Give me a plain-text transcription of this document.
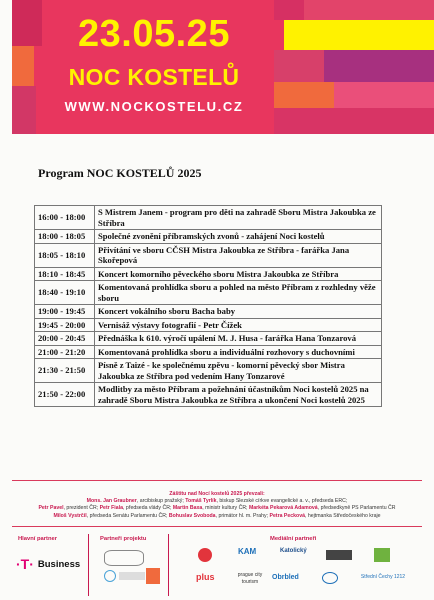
23.05.25
NOC KOSTELŮ
WWW.NOCKOSTELU.CZ
Program NOC KOSTELŮ 2025
16:00 - 18:00	S Mistrem Janem - program pro děti na zahradě Sboru Mistra Jakoubka ze Stříbra
18:00 - 18:05	Společné zvonění příbramských zvonů - zahájení Noci kostelů
18:05 - 18:10	Přivítání ve sboru CČSH Mistra Jakoubka ze Stříbra - farářka Jana Skořepová
18:10 - 18:45	Koncert komorního pěveckého sboru Mistra Jakoubka ze Stříbra
18:40 - 19:10	Komentovaná prohlídka sboru a pohled na město Příbram z rozhledny věže sboru
19:00 - 19:45	Koncert vokálního sboru Bacha baby
19:45 - 20:00	Vernisáž výstavy fotografií - Petr Čížek
20:00 - 20:45	Přednáška k 610. výročí upálení M. J. Husa - farářka Hana Tonzarová
21:00 - 21:20	Komentovaná prohlídka sboru a individuální rozhovory s duchovními
21:30 - 21:50	Písně z Taizé - ke společnému zpěvu - komorní pěvecký sbor Mistra Jakoubka ze Stříbra pod vedením Hany Tonzarové
21:50 - 22:00	Modlitby za město Příbram a požehnání účastníkům Noci kostelů 2025 na zahradě Sboru Mistra Jakoubka ze Stříbra a ukončení Noci kostelů 2025
Záštitu nad Nocí kostelů 2025 převzali:
Mons. Jan Graubner, arcibiskup pražský; Tomáš Tyrlík, biskup Slezské církve evangelické a. v., předseda ERC;
Petr Pavel, prezident ČR; Petr Fiala, předseda vlády ČR; Martin Baxa, ministr kultury ČR; Markéta Pekarová Adamová, předsedkyně PS Parlamentu ČR
Miloš Vystrčil, předseda Senátu Parlamentu ČR; Bohuslav Svoboda, primátor hl. m. Prahy; Petra Pecková, hejtmanka Středočeského kraje
Hlavní partner	Partneři projektu	Mediální partneři
·T· Business
plus
KAM
prague city tourism
Katolický
Obrbled	Střední Čechy 1212
